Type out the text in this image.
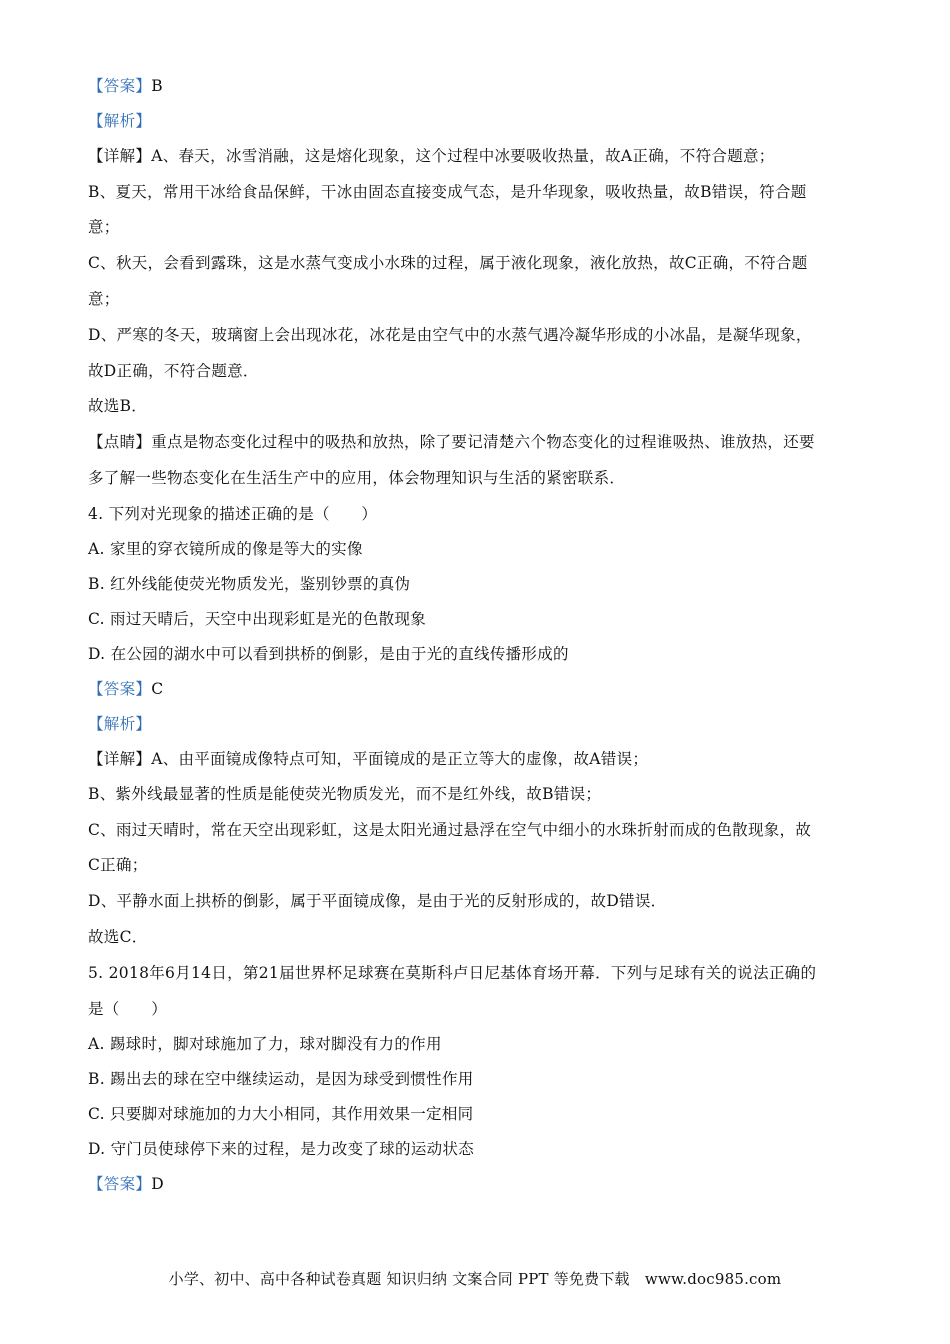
【答案】B
【解析】
【详解】A、春天，冰雪消融，这是熔化现象，这个过程中冰要吸收热量，故A正确，不符合题意；
B、夏天，常用干冰给食品保鲜，干冰由固态直接变成气态，是升华现象，吸收热量，故B错误，符合题
意；
C、秋天，会看到露珠，这是水蒸气变成小水珠的过程，属于液化现象，液化放热，故C正确，不符合题
意；
D、严寒的冬天，玻璃窗上会出现冰花，冰花是由空气中的水蒸气遇冷凝华形成的小冰晶，是凝华现象，
故D正确，不符合题意．
故选B．
【点睛】重点是物态变化过程中的吸热和放热，除了要记清楚六个物态变化的过程谁吸热、谁放热，还要
多了解一些物态变化在生活生产中的应用，体会物理知识与生活的紧密联系．
4. 下列对光现象的描述正确的是（　　）
A. 家里的穿衣镜所成的像是等大的实像
B. 红外线能使荧光物质发光，鉴别钞票的真伪
C. 雨过天晴后，天空中出现彩虹是光的色散现象
D. 在公园的湖水中可以看到拱桥的倒影，是由于光的直线传播形成的
【答案】C
【解析】
【详解】A、由平面镜成像特点可知，平面镜成的是正立等大的虚像，故A错误；
B、紫外线最显著的性质是能使荧光物质发光，而不是红外线，故B错误；
C、雨过天晴时，常在天空出现彩虹，这是太阳光通过悬浮在空气中细小的水珠折射而成的色散现象，故
C正确；
D、平静水面上拱桥的倒影，属于平面镜成像，是由于光的反射形成的，故D错误．
故选C．
5. 2018年6月14日，第21届世界杯足球赛在莫斯科卢日尼基体育场开幕．下列与足球有关的说法正确的
是（　　）
A. 踢球时，脚对球施加了力，球对脚没有力的作用
B. 踢出去的球在空中继续运动，是因为球受到惯性作用
C. 只要脚对球施加的力大小相同，其作用效果一定相同
D. 守门员使球停下来的过程，是力改变了球的运动状态
【答案】D
小学、初中、高中各种试卷真题 知识归纳 文案合同 PPT 等免费下载　www.doc985.com
